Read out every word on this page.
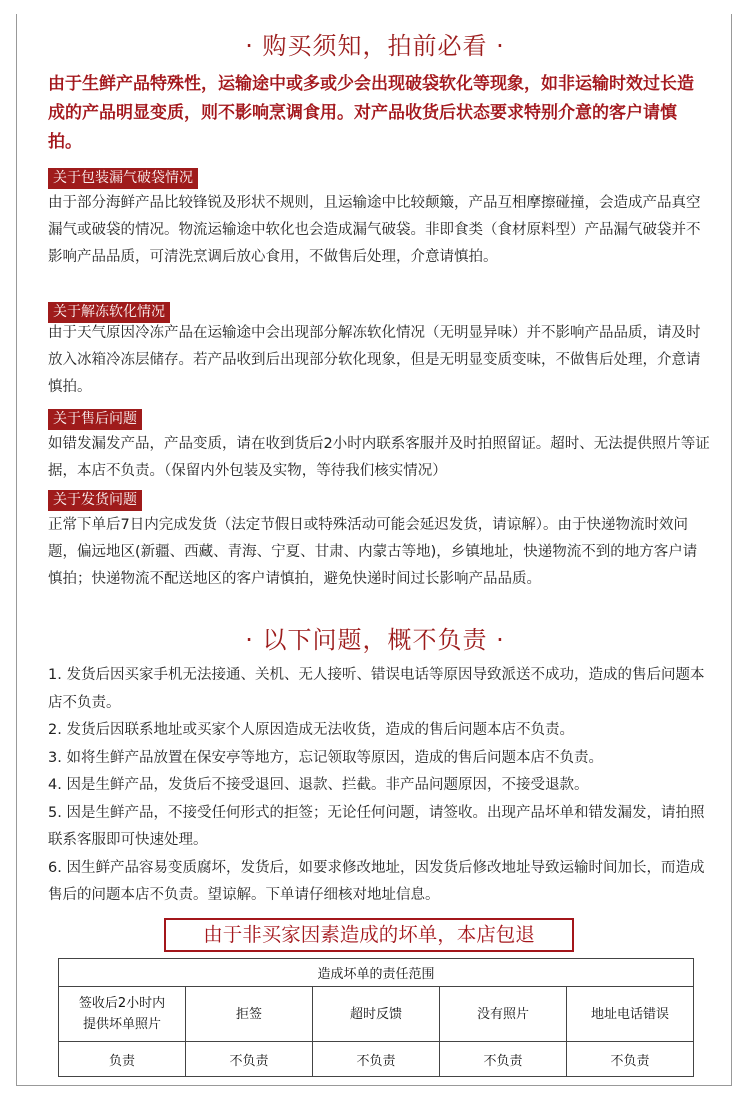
· 购买须知，拍前必看 ·
由于生鲜产品特殊性，运输途中或多或少会出现破袋软化等现象，如非运输时效过长造成的产品明显变质，则不影响烹调食用。对产品收货后状态要求特别介意的客户请慎拍。
关于包装漏气破袋情况
由于部分海鲜产品比较锋锐及形状不规则，且运输途中比较颠簸，产品互相摩擦碰撞，会造成产品真空漏气或破袋的情况。物流运输途中软化也会造成漏气破袋。非即食类（食材原料型）产品漏气破袋并不影响产品品质，可清洗烹调后放心食用，不做售后处理，介意请慎拍。
关于解冻软化情况
由于天气原因冷冻产品在运输途中会出现部分解冻软化情况（无明显异味）并不影响产品品质，请及时放入冰箱冷冻层储存。若产品收到后出现部分软化现象，但是无明显变质变味，不做售后处理，介意请慎拍。
关于售后问题
如错发漏发产品，产品变质，请在收到货后2小时内联系客服并及时拍照留证。超时、无法提供照片等证据，本店不负责。（保留内外包装及实物，等待我们核实情况）
关于发货问题
正常下单后7日内完成发货（法定节假日或特殊活动可能会延迟发货，请谅解）。由于快递物流时效问题，偏远地区(新疆、西藏、青海、宁夏、甘肃、内蒙古等地)，乡镇地址，快递物流不到的地方客户请慎拍；快递物流不配送地区的客户请慎拍，避免快递时间过长影响产品品质。
· 以下问题，概不负责 ·
1. 发货后因买家手机无法接通、关机、无人接听、错误电话等原因导致派送不成功，造成的售后问题本店不负责。
2. 发货后因联系地址或买家个人原因造成无法收货，造成的售后问题本店不负责。
3. 如将生鲜产品放置在保安亭等地方，忘记领取等原因，造成的售后问题本店不负责。
4. 因是生鲜产品，发货后不接受退回、退款、拦截。非产品问题原因，不接受退款。
5. 因是生鲜产品，不接受任何形式的拒签；无论任何问题，请签收。出现产品坏单和错发漏发，请拍照联系客服即可快速处理。
6. 因生鲜产品容易变质腐坏，发货后，如要求修改地址，因发货后修改地址导致运输时间加长，而造成售后的问题本店不负责。望谅解。下单请仔细核对地址信息。
由于非买家因素造成的坏单，本店包退
造成坏单的责任范围				
签收后2小时内
提供坏单照片	拒签	超时反馈	没有照片	地址电话错误
负责	不负责	不负责	不负责	不负责
